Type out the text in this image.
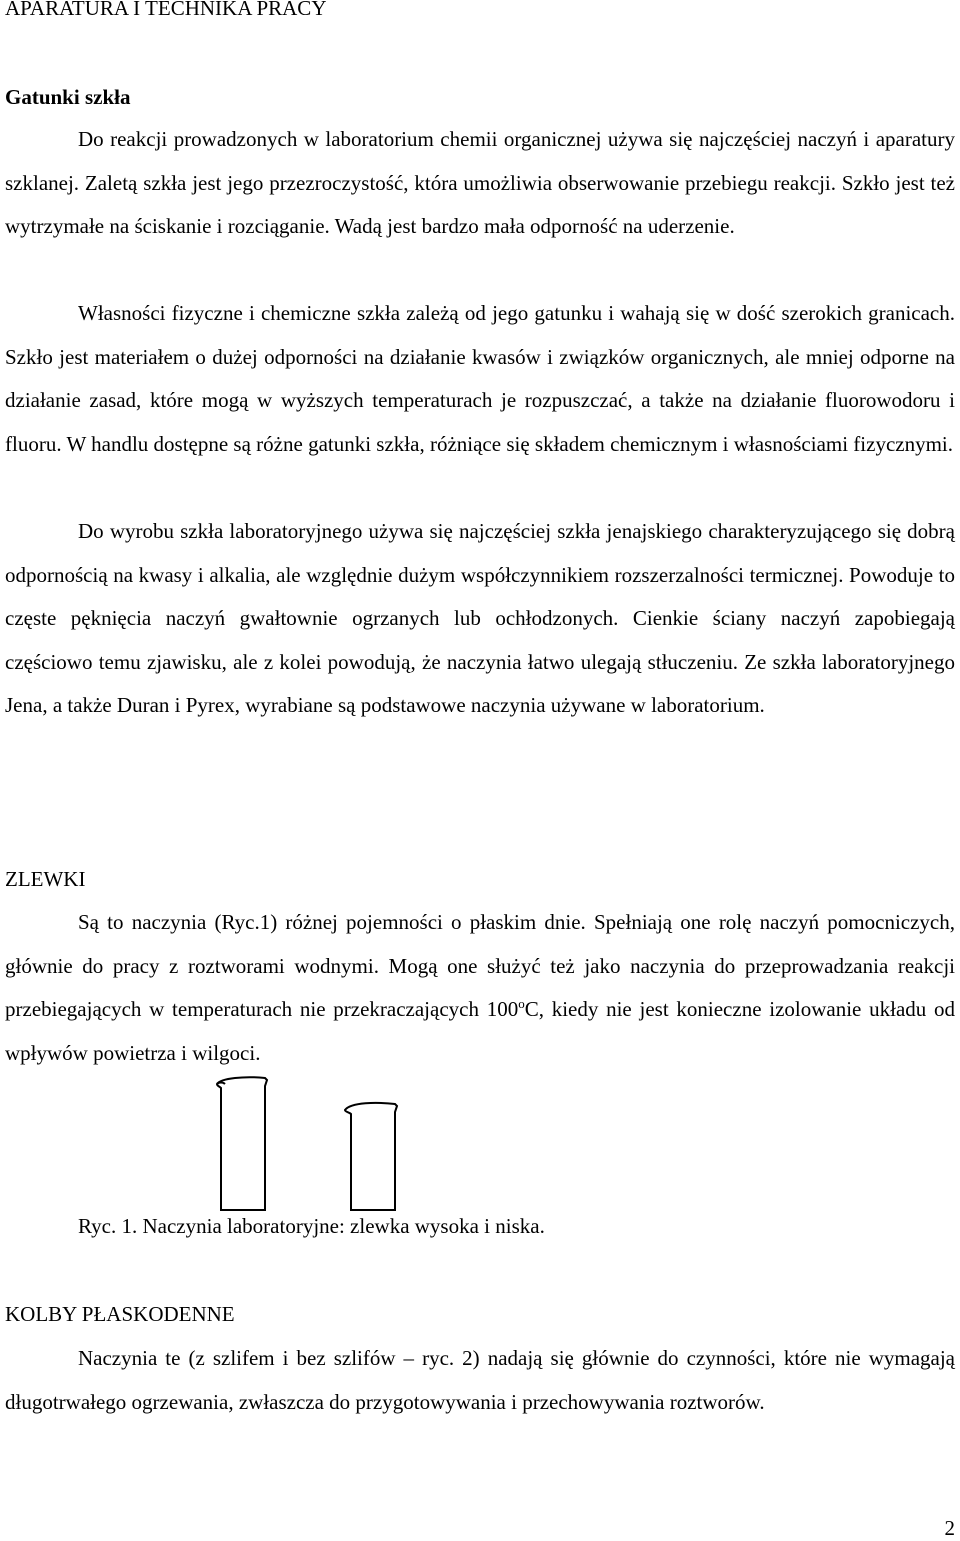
APARATURA I TECHNIKA PRACY
Gatunki szkła

Do reakcji prowadzonych w laboratorium chemii organicznej używa się najczęściej naczyń i aparatury szklanej. Zaletą szkła jest jego przezroczystość, która umożliwia obserwowanie przebiegu reakcji. Szkło jest też wytrzymałe na ściskanie i rozciąganie. Wadą jest bardzo mała odporność na uderzenie.

Własności fizyczne i chemiczne szkła zależą od jego gatunku i wahają się w dość szerokich granicach. Szkło jest materiałem o dużej odporności na działanie kwasów i związków organicznych, ale mniej odporne na działanie zasad, które mogą w wyższych temperaturach je rozpuszczać, a także na działanie fluorowodoru i fluoru. W handlu dostępne są różne gatunki szkła, różniące się składem chemicznym i własnościami fizycznymi.

Do wyrobu szkła laboratoryjnego używa się najczęściej szkła jenajskiego charakteryzującego się dobrą odpornością na kwasy i alkalia, ale względnie dużym współczynnikiem rozszerzalności termicznej. Powoduje to częste pęknięcia naczyń gwałtownie ogrzanych lub ochłodzonych. Cienkie ściany naczyń zapobiegają częściowo temu zjawisku, ale z kolei powodują, że naczynia łatwo ulegają stłuczeniu. Ze szkła laboratoryjnego Jena, a także Duran i Pyrex, wyrabiane są podstawowe naczynia używane w laboratorium.

ZLEWKI

Są to naczynia (Ryc.1) różnej pojemności o płaskim dnie. Spełniają one rolę naczyń pomocniczych, głównie do pracy z roztworami wodnymi. Mogą one służyć też jako naczynia do przeprowadzania reakcji przebiegających w temperaturach nie przekraczających 100$^o$C, kiedy nie jest konieczne izolowanie układu od wpływów powietrza i wilgoci.

Ryc. 1. Naczynia laboratoryjne: zlewka wysoka i niska.
KOLBY PŁASKODENNE

Naczynia te (z szlifem i bez szlifów – ryc. 2) nadają się głównie do czynności, które nie wymagają długotrwałego ogrzewania, zwłaszcza do przygotowywania i przechowywania roztworów.

2
